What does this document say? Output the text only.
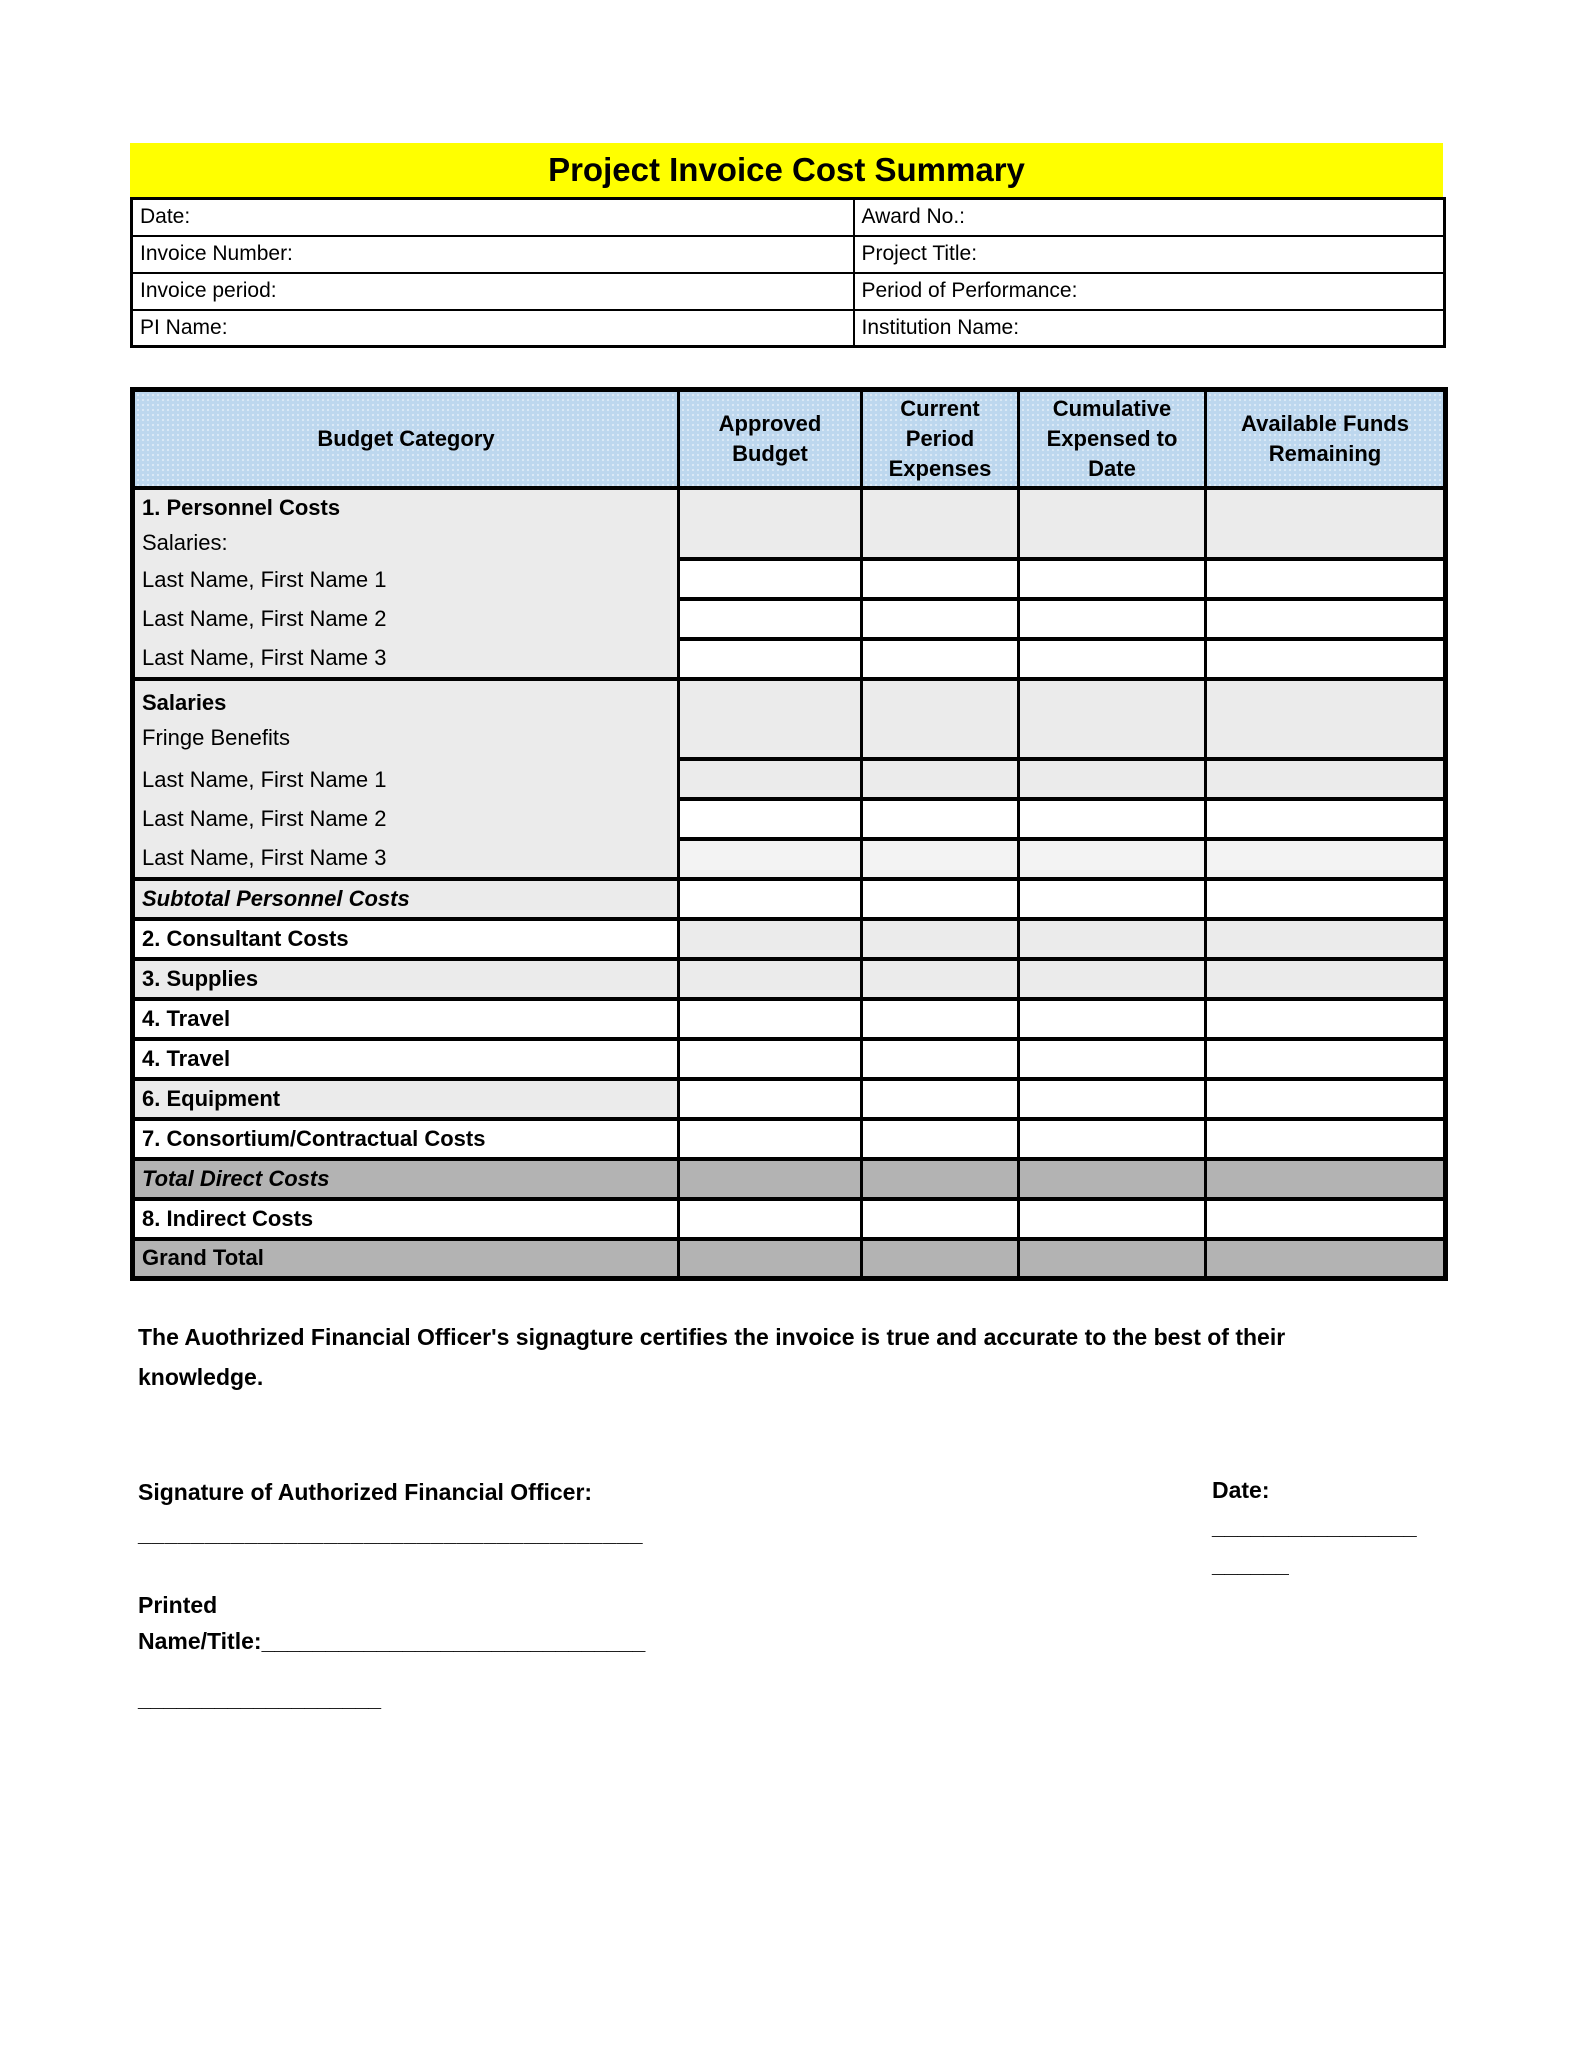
Project Invoice Cost Summary
Date:	Award No.:
Invoice Number:	Project Title:
Invoice period:	Period of Performance:
PI Name:	Institution Name:
Budget Category	Approved Budget	Current Period Expenses	Cumulative Expensed to Date	Available Funds Remaining

1. Personnel Costs
Salaries:
Last Name, First Name 1
Last Name, First Name 2
Last Name, First Name 3				

Salaries
Fringe Benefits
Last Name, First Name 1
Last Name, First Name 2
Last Name, First Name 3				

Subtotal Personnel Costs				
2. Consultant Costs				
3. Supplies				
4. Travel				
4. Travel				
6. Equipment				
7. Consortium/Contractual Costs				
Total Direct Costs				
8. Indirect Costs				
Grand Total				
The Auothrized Financial Officer's signagture certifies the invoice is true and accurate to the best of their
knowledge.
Date:
________________
______
Signature of Authorized Financial Officer:
______________________________________
Printed
Name/Title:______________________________
___________________
